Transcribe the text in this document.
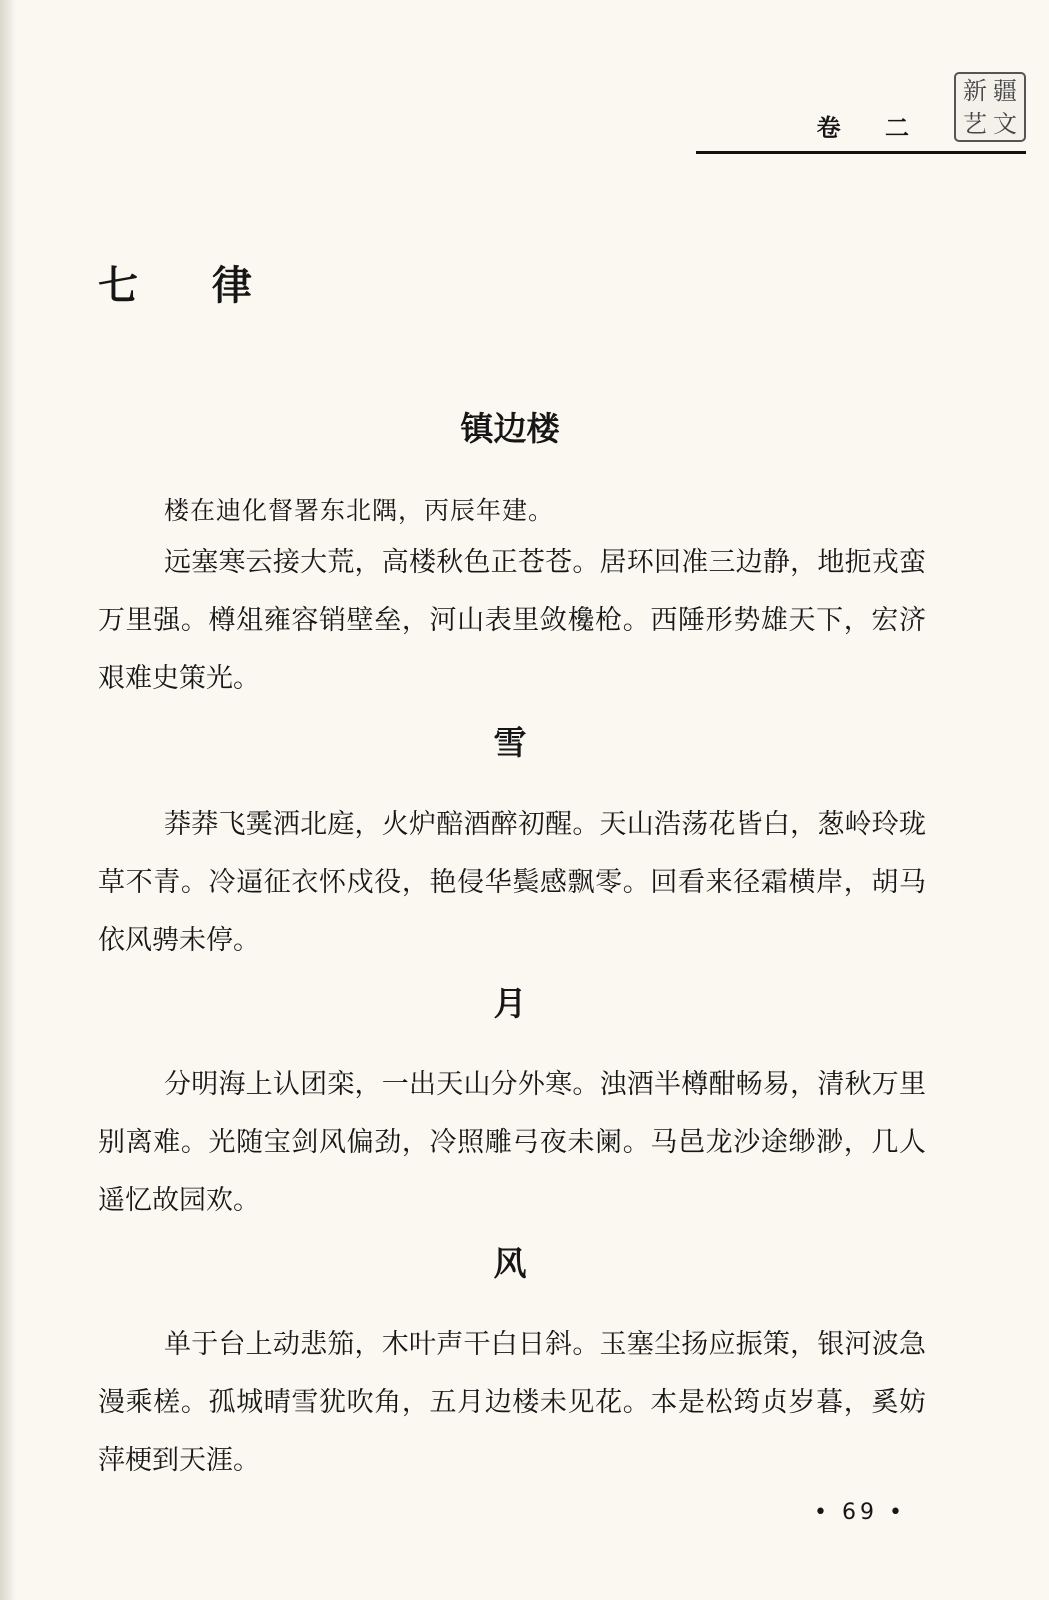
新 疆
艺 文
卷 二
七 律
镇边楼
楼在迪化督署东北隅，丙辰年建。
远塞寒云接大荒，高楼秋色正苍苍。居环回准三边静，地扼戎蛮万里强。樽俎雍容销壁垒，河山表里敛欃枪。西陲形势雄天下，宏济艰难史策光。
雪
莽莽飞霙洒北庭，火炉醅酒醉初醒。天山浩荡花皆白，葱岭玲珑草不青。冷逼征衣怀戍役，艳侵华鬓感飘零。回看来径霜横岸，胡马依风骋未停。
月
分明海上认团栾，一出天山分外寒。浊酒半樽酣畅易，清秋万里别离难。光随宝剑风偏劲，冷照雕弓夜未阑。马邑龙沙途缈渺，几人遥忆故园欢。
风
单于台上动悲笳，木叶声干白日斜。玉塞尘扬应振策，银河波急漫乘槎。孤城晴雪犹吹角，五月边楼未见花。本是松筠贞岁暮，奚妨萍梗到天涯。
• 69 •
